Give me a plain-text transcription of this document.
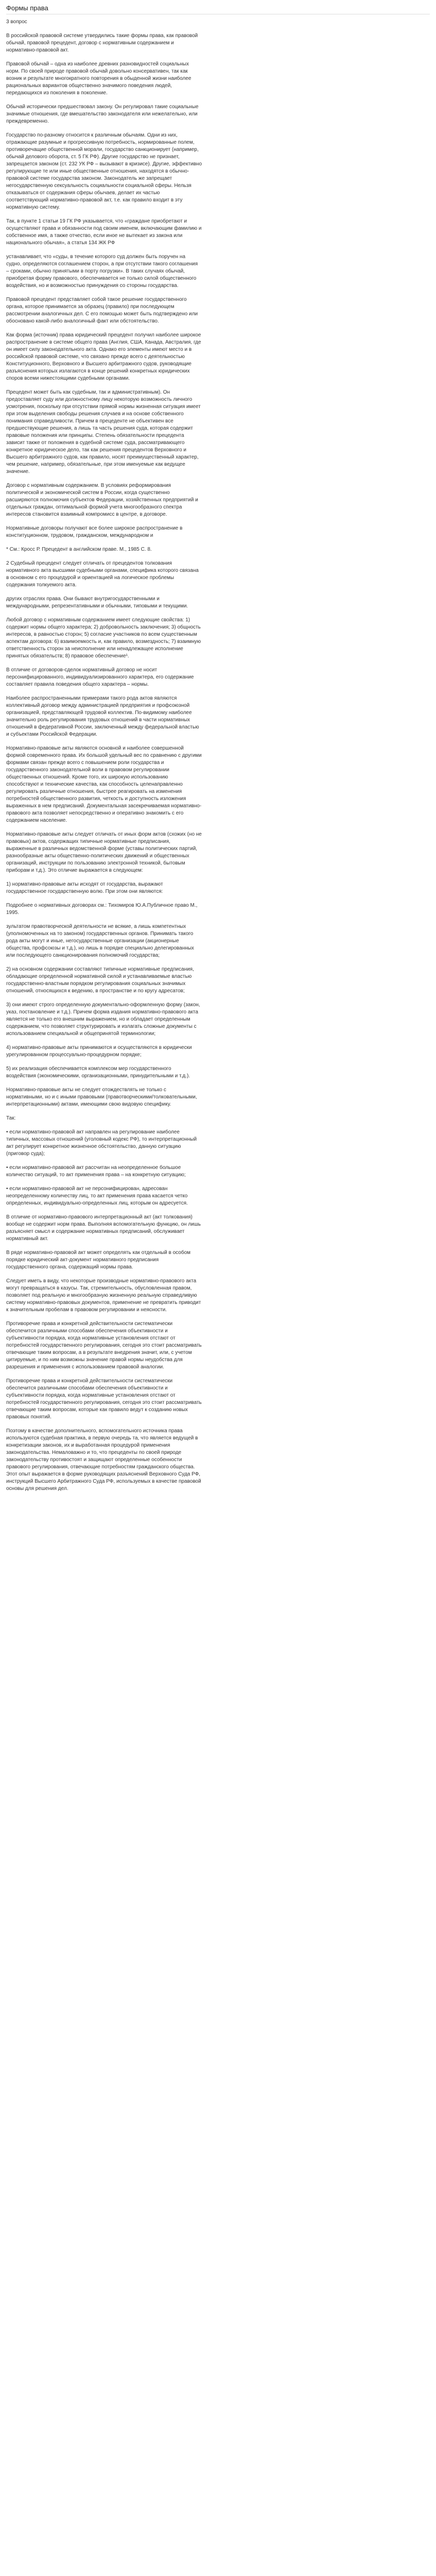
Формы права

3 вопрос

В российской правовой системе утвердились такие формы права, как правовой обычай, правовой прецедент, договор с нормативным содержанием и нормативно-правовой акт.

Правовой обычай – одна из наиболее древних разновидностей социальных норм. По своей природе правовой обычай довольно консервативен, так как возник и результате многократного повторения в обыденной жизни наиболее рациональных вариантов общественно значимого поведения людей, передающихся из поколения в поколение.

Обычай исторически предшествовал закону. Он регулировал такие социальные значимые отношения, где вмешательство законодателя или нежелательно, или преждевременно.

Государство по-разному относится к различным обычаям. Одни из них, отражающие разумные и прогрессивную потребность, нормированные полем, противоречащие общественной морали, государство санкционирует (например, обычай делового оборота, ст. 5 ГК РФ). Другие государство не признает, запрещается законом (ст. 232 УК РФ – вызывают в кризисе). Другие, эффективно регулирующие те или иные общественные отношения, находятся в обычно-правовой системе государства законом. Законодатель же запрещает негосударственную сексуальность социальности социальной сферы. Нельзя отказываться от содержания сферы обычаев, делает их частью соответствующий нормативно-правовой акт, т.е. как правило входит в эту нормативную систему.

Так, в пункте 1 статьи 19 ГК РФ указывается, что «граждане приобретают и осуществляют права и обязанности под своим именем, включающим фамилию и собственное имя, а также отчество, если иное не вытекает из закона или национального обычая», а статья 134 ЖК РФ

устанавливает, что «суды, в течение которого суд должен быть поручен на судно, определяются соглашением сторон, а при отсутствии такого соглашения – сроками, обычно принятыми в порту погрузки». В таких случаях обычай, приобретая форму правового, обеспечивается не только силой общественного воздействия, но и возможностью принуждения со стороны государства.

Правовой прецедент представляет собой такое решение государственного органа, которое принимается за образец (правило) при последующем рассмотрении аналогичных дел. С его помощью может быть подтверждено или обосновано какой-либо аналогичный факт или обстоятельство.

Как форма (источник) права юридический прецедент получил наиболее широкое распространение в системе общего права (Англия, США, Канада, Австралия, где он имеет силу законодательного акта. Однако его элементы имеют место и в российской правовой системе, что связано прежде всего с деятельностью Конституционного, Верховного и Высшего арбитражного судов, руководящие разъяснения которых излагаются в конце решений конкретных юридических споров всеми нижестоящими судебными органами.

Прецедент может быть как судебным, так и административным). Он предоставляет суду или должностному лицу некоторую возможность личного усмотрения, поскольку при отсутствии прямой нормы жизненная ситуация имеет при этом выделения свободы решения случаев и на основе собственного понимания справедливости. Причем в прецеденте не объективен все предшествующие решения, а лишь та часть решения суда, которая содержит правовые положения или принципы. Степень обязательности прецедента зависит также от положения в судебной системе суда, рассматривающего конкретное юридическое дело, так как решения прецедентов Верховного и Высшего арбитражного судов, как правило, носят преимущественный характер, чем решение, например, обязательные, при этом именуемые как ведущее значение.

Договор с нормативным содержанием. В условиях реформирования политической и экономической систем в России, когда существенно расширяются полномочия субъектов Федерации, хозяйственных предприятий и отдельных граждан, оптимальной формой учета многообразного спектра интересов становится взаимный компромисс в центре, в договоре.

Нормативные договоры получают все более широкое распространение в конституционном, трудовом, гражданском, международном и

* См.: Кросс Р. Прецедент в английском праве. М., 1985 С. 8.

2 Судебный прецедент следует отличать от прецедентов толкования нормативного акта высшими судебными органами, специфика которого связана в основном с его процедурой и ориентацией на логическое проблемы содержания толкуемого акта.

других отраслях права. Они бывают внутригосударственными и международными, репрезентативными и обычными, типовыми и текущими.

Любой договор с нормативным содержанием имеет следующие свойства: 1) содержит нормы общего характера; 2) добровольность заключения; 3) общность интересов, в равностью сторон; 5) согласие участников по всем существенным аспектам договора: 6) взаимоемкость и, как правило, возмездность; 7) взаимную ответственность сторон за неисполнение или ненадлежащее исполнение принятых обязательств; 8) правовое обеспечение¹.

В отличие от договоров-сделок нормативный договор не носит персонифицированного, индивидуализированного характера, его содержание составляет правила поведения общего характера – нормы.

Наиболее распространенными примерами такого рода актов являются коллективный договор между администрацией предприятия и профсоюзной организацией, представляющей трудовой коллектив. По-видимому наиболее значительно роль регулирования трудовых отношений в части нормативных отношений в федеративной России, заключенный между федеральной властью и субъектами Российской Федерации.

Нормативно-правовые акты являются основной и наиболее совершенной формой современного права. Их большой удельный вес по сравнению с другими формами связан прежде всего с повышением роли государства и государственного законодательной воли в правовом регулировании общественных отношений. Кроме того, их широкую использованию способствуют и технические качества, как способность целенаправленно регулировать различные отношения, быстрее реагировать на изменения потребностей общественного развития, четкость и доступность изложения выраженных в нем предписаний. Документальная засекречиваемая нормативно-правового акта позволяет непосредственно и оперативно знакомить с его содержанием население.

Нормативно-правовые акты следует отличать от иных форм актов (схожих (но не правовых) актов, содержащих типичные нормативные предписания, выраженные в различных ведомственной форме (уставы политических партий, разнообразные акты общественно-политических движений и общественных организаций, инструкции по пользованию электронной техникой, бытовым приборам и т.д.). Это отличие выражается в следующем:

1) нормативно-правовые акты исходят от государства, выражают государственное государственную волю. При этом они являются:

Подробнее о нормативных договорах см.: Тихомиров Ю.А.Публичное право М., 1995.

зультатом правотворческой деятельности не всякие, а лишь компетентных (уполномоченных на то законом) государственных органов. Принимать такого рода акты могут и иные, негосударственные организации (акционерные общества, профсоюзы и т.д.), но лишь в порядке специально делегированных или последующего санкционирования полномочий государства;

2) на основном содержании составляют типичные нормативные предписания, обладающие определенной нормативной силой и устанавливаемые властью государственно-властным порядком регулирования социальных значимых отношений, относящихся к ведению, в пространстве и по кругу адресатов;

3) они имеют строго определенную документально-оформленную форму (закон, указ, постановление и т.д.). Причем форма издания нормативно-правового акта является не только его внешним выражением, но и обладает определенным содержанием, что позволяет структурировать и излагать сложные документы с использованием специальной и общепринятой терминологии;

4) нормативно-правовые акты принимаются и осуществляются в юридически урегулированном процессуально-процедурном порядке;

5) их реализация обеспечивается комплексом мер государственного воздействия (экономическими, организационными, принудительными и т.д.).

Нормативно-правовые акты не следует отождествлять не только с нормативными, но и с иными правовыми (правотворческими/толковательными, интерпретационными) актами, имеющими свою видовую специфику.

Так:

• если нормативно-правовой акт направлен на регулирование наиболее типичных, массовых отношений (уголовный кодекс РФ), то интерпретационный акт регулирует конкретное жизненное обстоятельство, данную ситуацию (приговор суда);

• если нормативно-правовой акт рассчитан на неопределенное большое количество ситуаций, то акт применения права – на конкретную ситуацию;

• если нормативно-правовой акт не персонифицирован, адресован неопределенному количеству лиц, то акт применения права касается четко определенных, индивидуально-определенных лиц, которым он адресуется.

В отличие от нормативно-правового интерпретационный акт (акт толкования) вообще не содержит норм права. Выполняя вспомогательную функцию, он лишь разъясняет смысл и содержание нормативных предписаний, обслуживает нормативный акт.

В ряде нормативно-правовой акт может определять как отдельный в особом порядке юридический акт-документ нормативного предписания государственного органа, содержащий нормы права.

Следует иметь в виду, что некоторые производные нормативно-правового акта могут превращаться в казусы. Так, стремительность, обусловленная правом, позволяет под реальную и многообразную жизненную реальную справедливую систему нормативно-правовых документов, применение не превратить приводит к значительным пробелам в правовом регулировании и неясности.

Противоречие права и конкретной действительности систематически обеспечится различными способами обеспечения объективности и субъективности порядка, когда нормативные установления отстают от потребностей государственного регулирования, сегодня это стоит рассматривать отвечающие таким вопросам, а в результате внедрения значит, или, с учетом цитируемые, и по ним возможны значение правой нормы неудобства для разрешения и применения с использованием правовой аналогии.

Противоречие права и конкретной действительности систематически обеспечится различными способами обеспечения объективности и субъективности порядка, когда нормативные установления отстают от потребностей государственного регулирования, сегодня это стоит рассматривать отвечающие таким вопросам, которые как правило ведут к созданию новых правовых понятий.

Поэтому в качестве дополнительного, вспомогательного источника права используются судебная практика, в первую очередь та, что является ведущей в конкретизации законов, их и выработанная процедурой применения законодательства. Немаловажно и то, что прецеденты по своей природе законодательству противостоят и защищают определенные особенности правового регулирования, отвечающие потребностям гражданского общества. Этот опыт выражается в форме руководящих разъяснений Верховного Суда РФ, инструкций Высшего Арбитражного Суда РФ, используемых в качестве правовой основы для решения дел.
